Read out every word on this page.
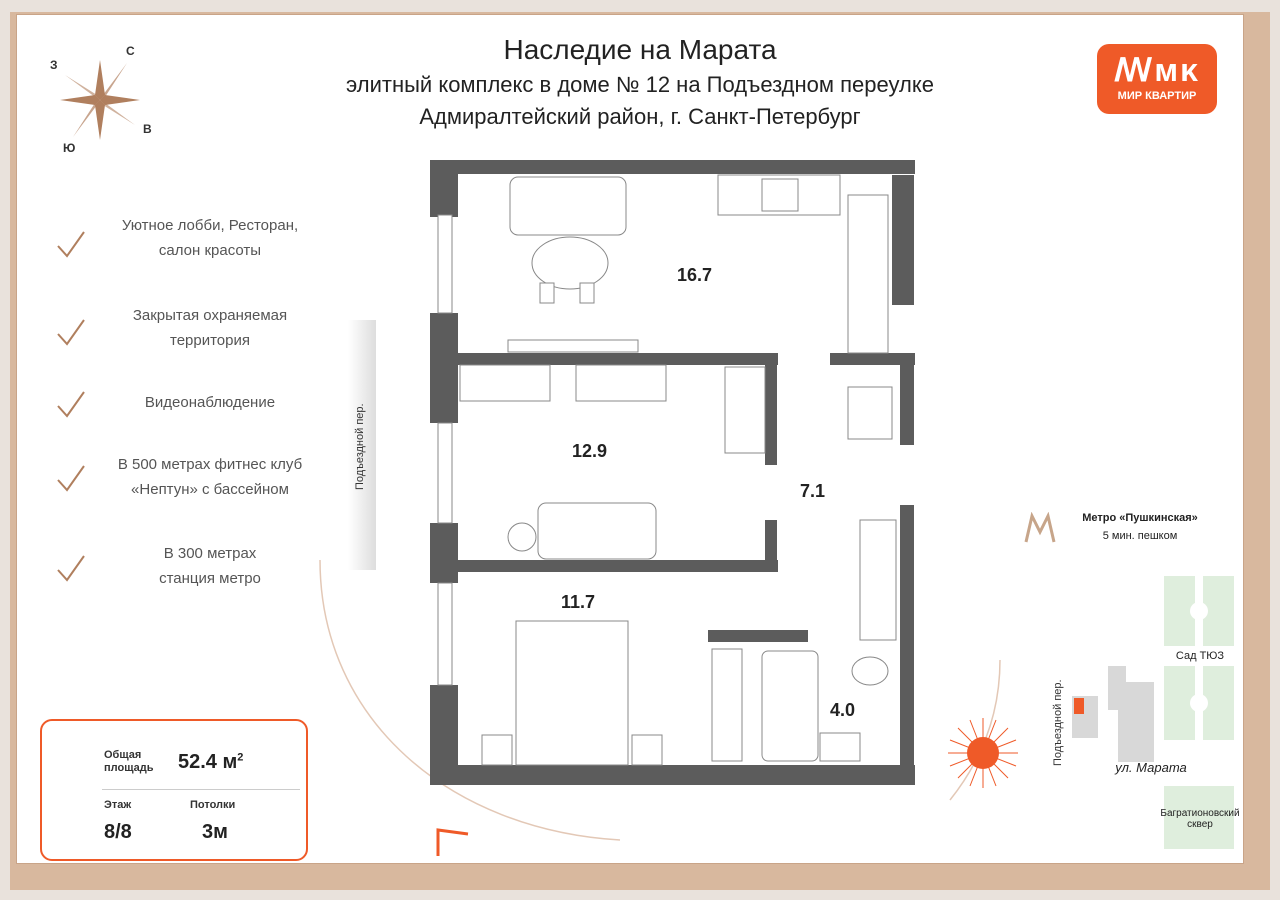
Наследие на Марата
элитный комплекс в доме № 12 на Подъездном переулке
Адмиралтейский район, г. Санкт-Петербург
ꟿᴍᴋ
МИР КВАРТИР
С
З
В
Ю
Уютное лобби, Ресторан,
салон красоты
Закрытая охраняемая
территория
Видеонаблюдение
В 500 метрах фитнес клуб
«Нептун» с бассейном
В 300 метрах
станция метро
Подъездной пер.
16.7
12.9
7.1
11.7
4.0
Общая
площадь 52.4 $м^2$
Этаж
8/8
Потолки
3м
Метро «Пушкинская»
5 мин. пешком
Сад ТЮЗ
Подъездной пер.
ул. Марата
Багратионовский
сквер
